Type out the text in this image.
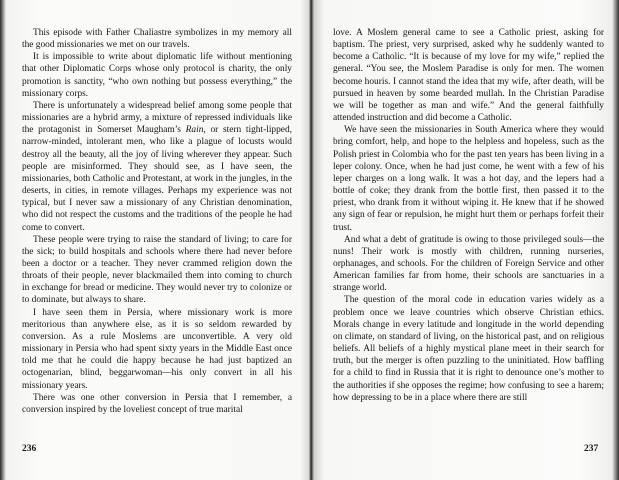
This episode with Father Chaliastre symbolizes in my memory all the good missionaries we met on our travels.

It is impossible to write about diplomatic life without mentioning that other Diplomatic Corps whose only protocol is charity, the only promotion is sanctity, “who own nothing but possess everything,” the missionary corps.

There is unfortunately a widespread belief among some people that missionaries are a hybrid army, a mixture of repressed individuals like the protagonist in Somerset Maugham’s Rain, or stern tight-lipped, narrow-minded, intolerant men, who like a plague of locusts would destroy all the beauty, all the joy of living wherever they appear. Such people are misinformed. They should see, as I have seen, the missionaries, both Catholic and Protestant, at work in the jungles, in the deserts, in cities, in remote villages. Perhaps my experience was not typical, but I never saw a missionary of any Christian denomination, who did not respect the customs and the traditions of the people he had come to convert.

These people were trying to raise the standard of living; to care for the sick; to build hospitals and schools where there had never before been a doctor or a teacher. They never crammed religion down the throats of their people, never blackmailed them into coming to church in exchange for bread or medicine. They would never try to colonize or to dominate, but always to share.

I have seen them in Persia, where missionary work is more meritorious than anywhere else, as it is so seldom rewarded by conversion. As a rule Moslems are unconvertible. A very old missionary in Persia who had spent sixty years in the Middle East once told me that he could die happy because he had just baptized an octogenarian, blind, beggarwoman—his only convert in all his missionary years.

There was one other conversion in Persia that I remember, a conversion inspired by the loveliest concept of true marital

236

love. A Moslem general came to see a Catholic priest, asking for baptism. The priest, very surprised, asked why he suddenly wanted to become a Catholic. “It is because of my love for my wife,” replied the general. “You see, the Moslem Paradise is only for men. The women become houris. I cannot stand the idea that my wife, after death, will be pursued in heaven by some bearded mullah. In the Christian Paradise we will be together as man and wife.” And the general faithfully attended instruction and did become a Catholic.

We have seen the missionaries in South America where they would bring comfort, help, and hope to the helpless and hopeless, such as the Polish priest in Colombia who for the past ten years has been living in a leper colony. Once, when he had just come, he went with a few of his leper charges on a long walk. It was a hot day, and the lepers had a bottle of coke; they drank from the bottle first, then passed it to the priest, who drank from it without wiping it. He knew that if he showed any sign of fear or repulsion, he might hurt them or perhaps forfeit their trust.

And what a debt of gratitude is owing to those privileged souls—the nuns! Their work is mostly with children, running nurseries, orphanages, and schools. For the children of Foreign Service and other American families far from home, their schools are sanctuaries in a strange world.

The question of the moral code in education varies widely as a problem once we leave countries which observe Christian ethics. Morals change in every latitude and longitude in the world depending on climate, on standard of living, on the historical past, and on religious beliefs. All beliefs of a highly mystical plane meet in their search for truth, but the merger is often puzzling to the uninitiated. How baffling for a child to find in Russia that it is right to denounce one’s mother to the authorities if she opposes the regime; how confusing to see a harem; how depressing to be in a place where there are still

237
